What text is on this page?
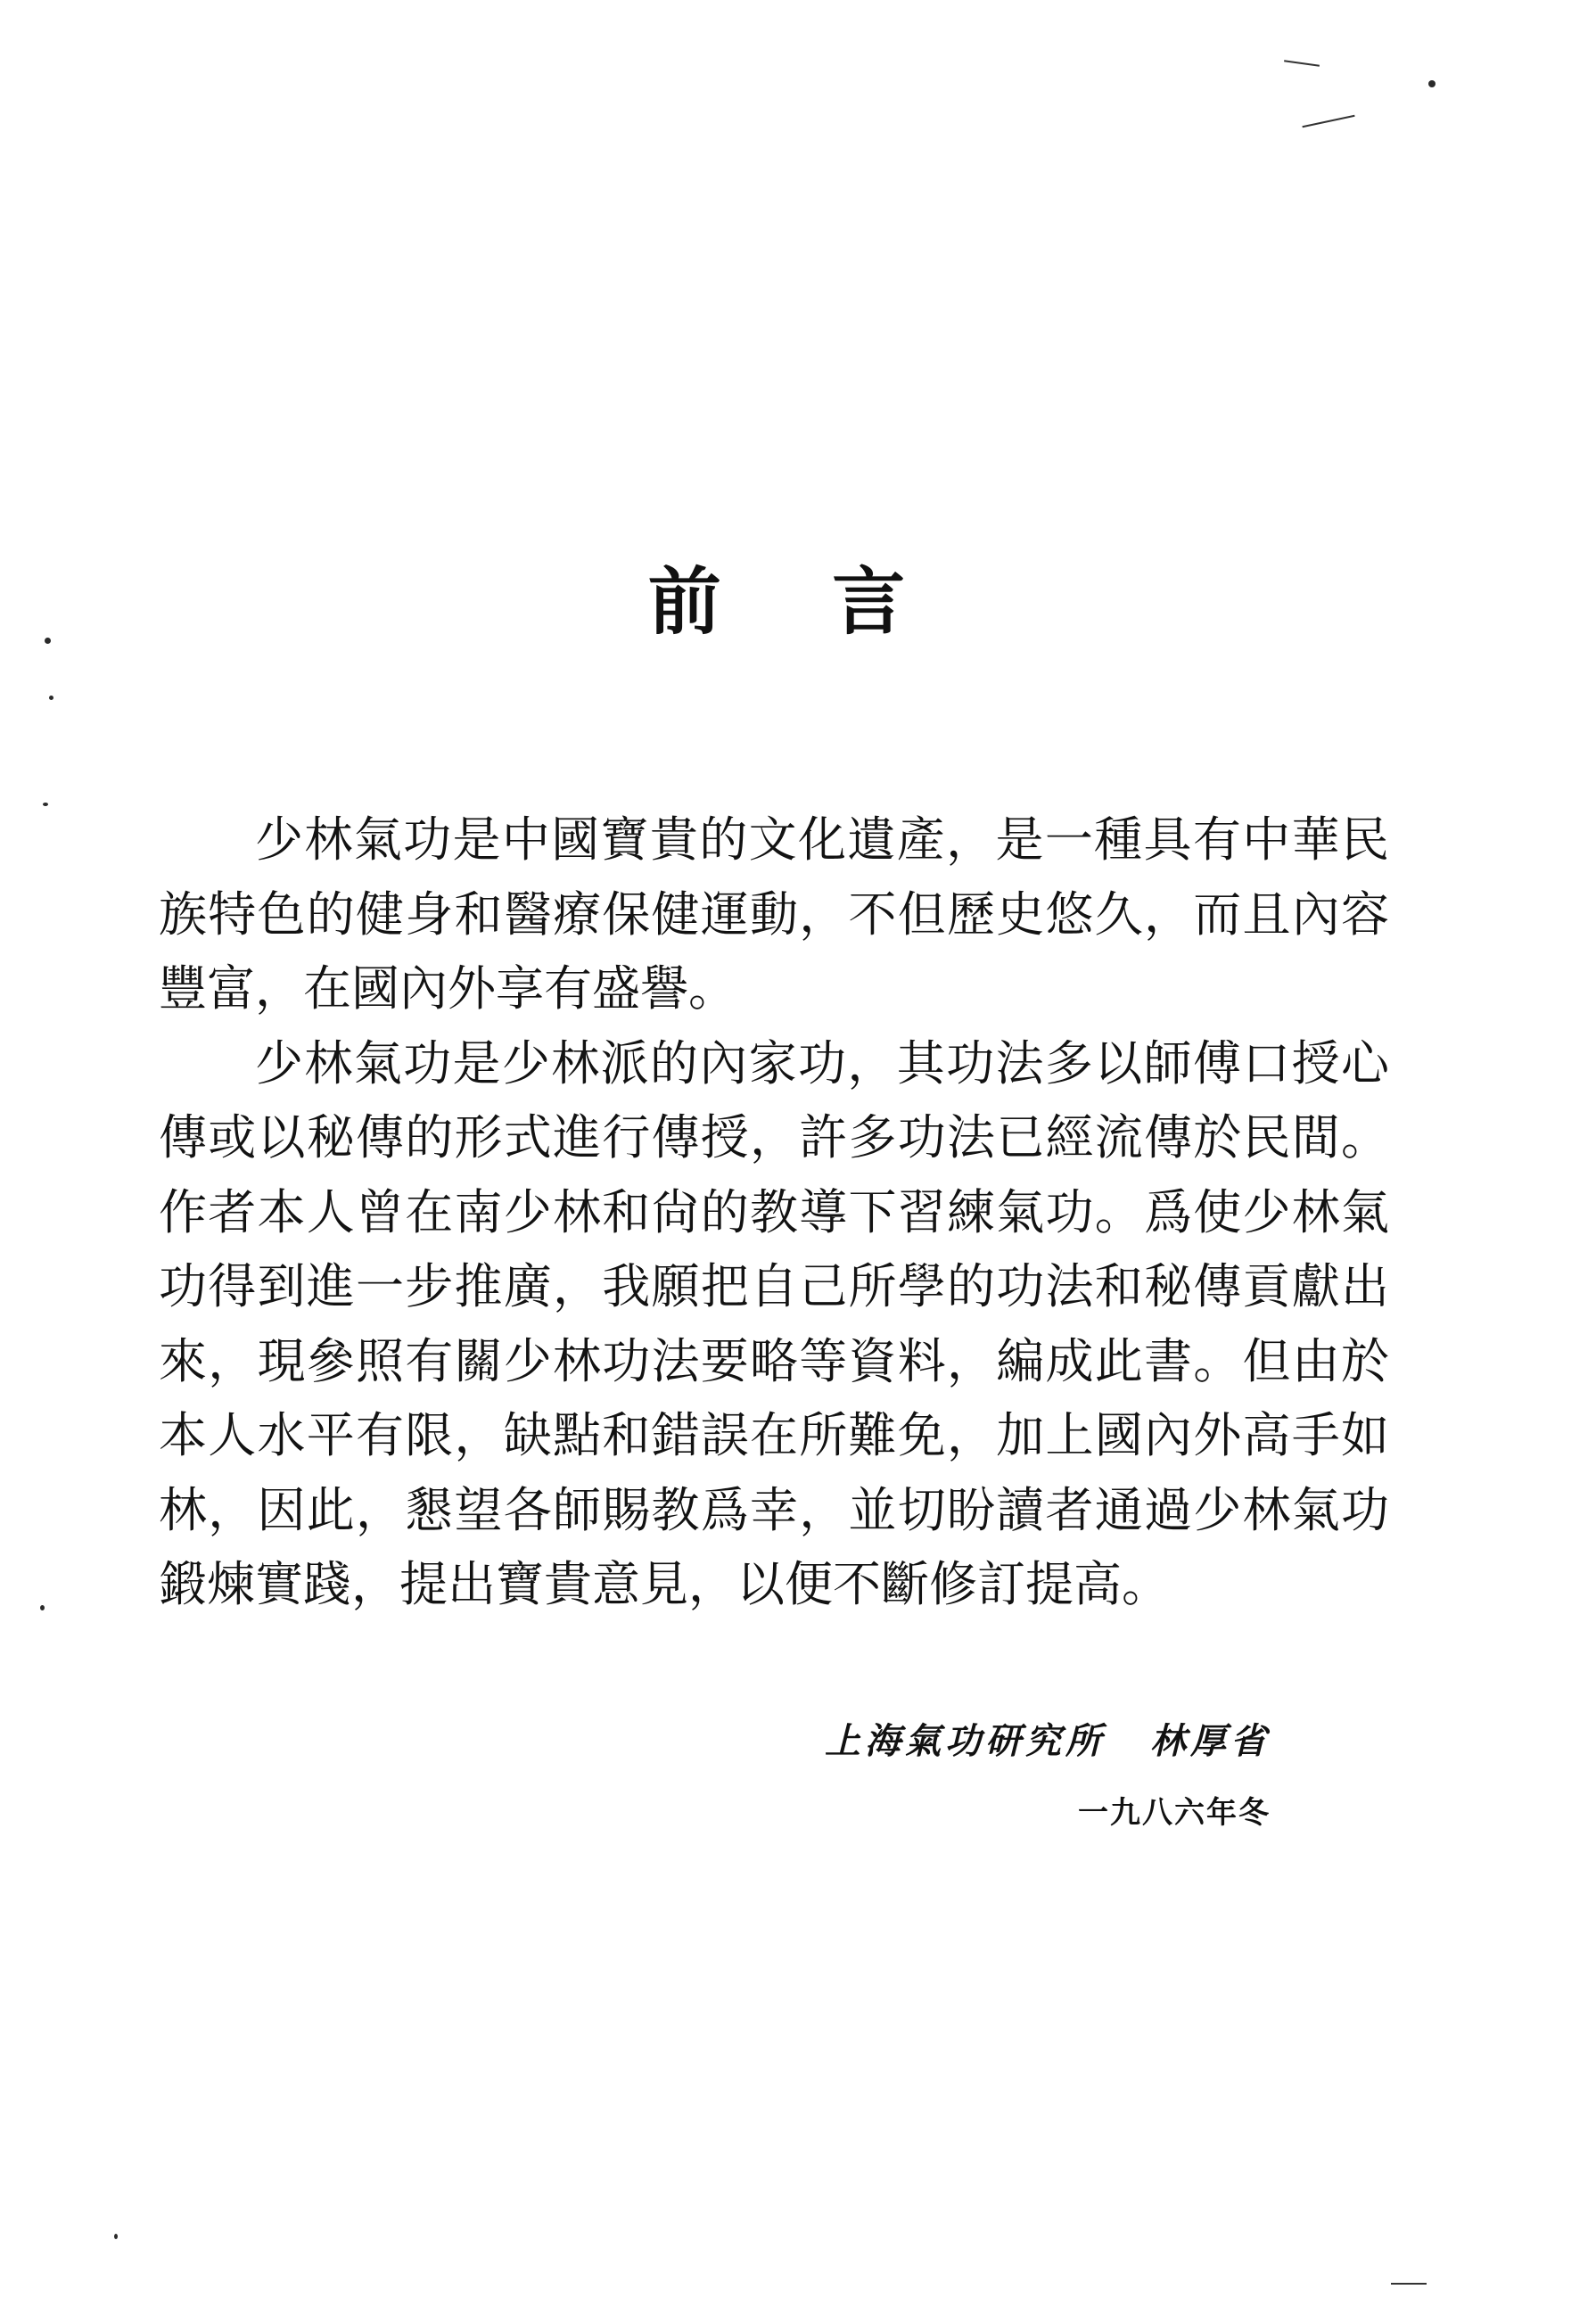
前 言
少林氣功是中國寶貴的文化遺產，是一種具有中華民
族特色的健身和醫療保健運動，不但歷史悠久，而且內容
豐富，在國內外享有盛譽。
少林氣功是少林派的內家功，其功法多以師傅口授心
傳或以秘傳的形式進行傳授，許多功法已經流傳於民間。
作者本人曾在南少林和尙的教導下習練氣功。爲使少林氣
功得到進一步推廣，我願把自己所學的功法和秘傳貢獻出
來，現參照有關少林功法要略等資料，編成此書。但由於
本人水平有限，缺點和錯誤在所難免，加上國內外高手如
林，因此，懇望各師賜教爲幸，並切盼讀者通過少林氣功
鍛煉實踐，提出寶貴意見，以便不斷修訂提高。
上海氣功研究所 林厚省
一九八六年冬
